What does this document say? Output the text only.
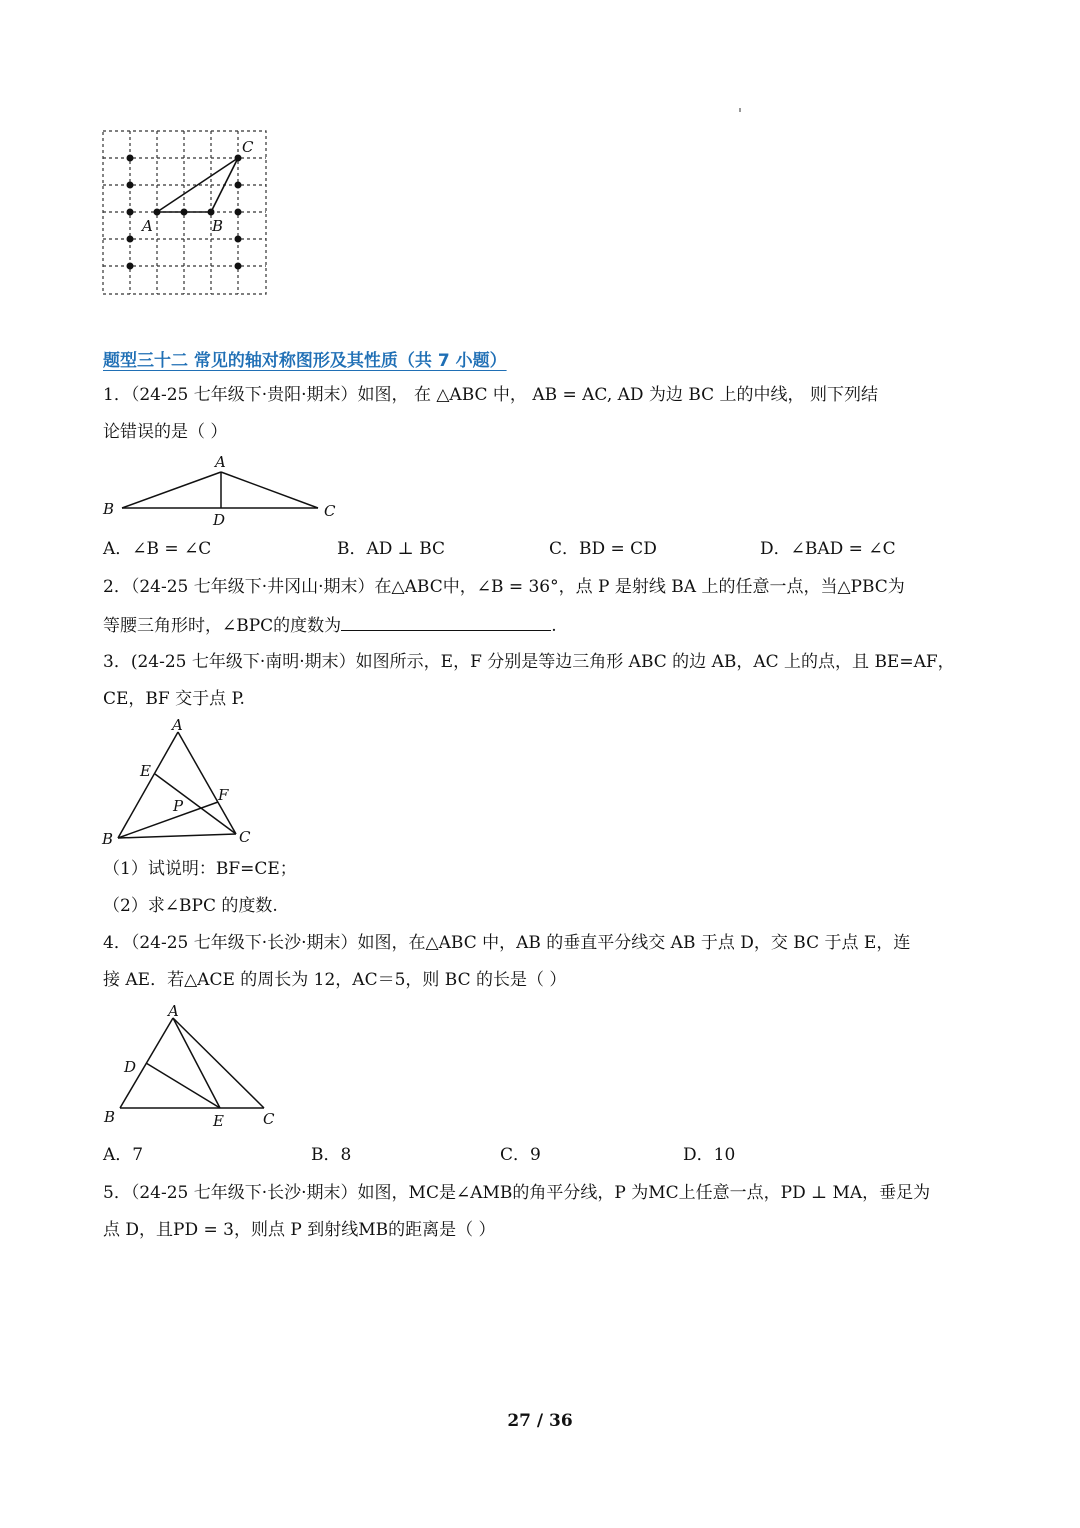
A	B
C
题型三十二 常见的轴对称图形及其性质（共 7 小题）
1．（24-25 七年级下·贵阳·期末）如图， 在 △ABC 中， AB = AC, AD 为边 BC 上的中线， 则下列结
论错误的是（ ）
A
B	C
D
A．∠B = ∠C	B．AD ⊥ BC	C．BD = CD	D．∠BAD = ∠C
2．（24-25 七年级下·井冈山·期末）在△ABC中，∠B = 36°，点 P 是射线 BA 上的任意一点，当△PBC为
等腰三角形时，∠BPC的度数为	.
3．(24-25 七年级下·南明·期末）如图所示，E，F 分别是等边三角形 ABC 的边 AB，AC 上的点，且 BE=AF，
CE，BF 交于点 P.
A
E
F
P
B	C
（1）试说明：BF=CE；
（2）求∠BPC 的度数.
4．（24-25 七年级下·长沙·期末）如图，在△ABC 中，AB 的垂直平分线交 AB 于点 D，交 BC 于点 E，连
接 AE．若△ACE 的周长为 12，AC＝5，则 BC 的长是（ ）
A
D
B	E	C
A．7	B．8	C．9	D．10
5．（24-25 七年级下·长沙·期末）如图，MC是∠AMB的角平分线，P 为MC上任意一点，PD ⊥ MA，垂足为
点 D，且PD = 3，则点 P 到射线MB的距离是（ ）
27 / 36
